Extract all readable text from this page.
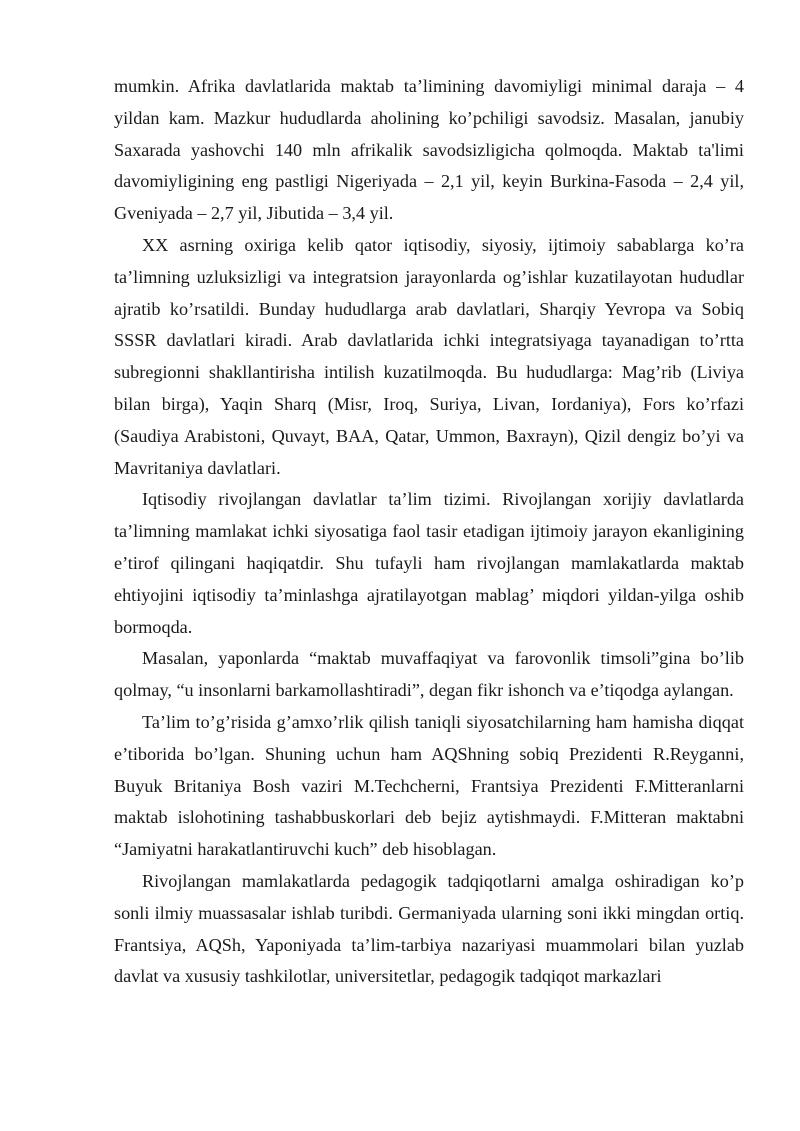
mumkin. Afrika davlatlarida maktab ta’limining davomiyligi minimal daraja – 4 yildan kam. Mazkur hududlarda aholining ko’pchiligi savodsiz. Masalan, janubiy Saxarada yashovchi 140 mln afrikalik savodsizligicha qolmoqda. Maktab ta'limi davomiyligining eng pastligi Nigeriyada – 2,1 yil, keyin Burkina-Fasoda – 2,4 yil, Gveniyada – 2,7 yil, Jibutida – 3,4 yil.

XX asrning oxiriga kelib qator iqtisodiy, siyosiy, ijtimoiy sabablarga ko’ra ta’limning uzluksizligi va integratsion jarayonlarda og’ishlar kuzatilayotan hududlar ajratib ko’rsatildi. Bunday hududlarga arab davlatlari, Sharqiy Yevropa va Sobiq SSSR davlatlari kiradi. Arab davlatlarida ichki integratsiyaga tayanadigan to’rtta subregionni shakllantirisha intilish kuzatilmoqda. Bu hududlarga: Mag’rib (Liviya bilan birga), Yaqin Sharq (Misr, Iroq, Suriya, Livan, Iordaniya), Fors ko’rfazi (Saudiya Arabistoni, Quvayt, BAA, Qatar, Ummon, Baxrayn), Qizil dengiz bo’yi va Mavritaniya davlatlari.

Iqtisodiy rivojlangan davlatlar ta’lim tizimi. Rivojlangan xorijiy davlatlarda ta’limning mamlakat ichki siyosatiga faol tasir etadigan ijtimoiy jarayon ekanligining e’tirof qilingani haqiqatdir. Shu tufayli ham rivojlangan mamlakatlarda maktab ehtiyojini iqtisodiy ta’minlashga ajratilayotgan mablag’ miqdori yildan-yilga oshib bormoqda.

Masalan, yaponlarda “maktab muvaffaqiyat va farovonlik timsoli”gina bo’lib qolmay, “u insonlarni barkamollashtiradi”, degan fikr ishonch va e’tiqodga aylangan.

Ta’lim to’g’risida g’amxo’rlik qilish taniqli siyosatchilarning ham hamisha diqqat e’tiborida bo’lgan. Shuning uchun ham AQShning sobiq Prezidenti R.Reyganni, Buyuk Britaniya Bosh vaziri M.Techcherni, Frantsiya Prezidenti F.Mitteranlarni maktab islohotining tashabbuskorlari deb bejiz aytishmaydi. F.Mitteran maktabni “Jamiyatni harakatlantiruvchi kuch” deb hisoblagan.

Rivojlangan mamlakatlarda pedagogik tadqiqotlarni amalga oshiradigan ko’p sonli ilmiy muassasalar ishlab turibdi. Germaniyada ularning soni ikki mingdan ortiq. Frantsiya, AQSh, Yaponiyada ta’lim-tarbiya nazariyasi muammolari bilan yuzlab davlat va xususiy tashkilotlar, universitetlar, pedagogik tadqiqot markazlari
